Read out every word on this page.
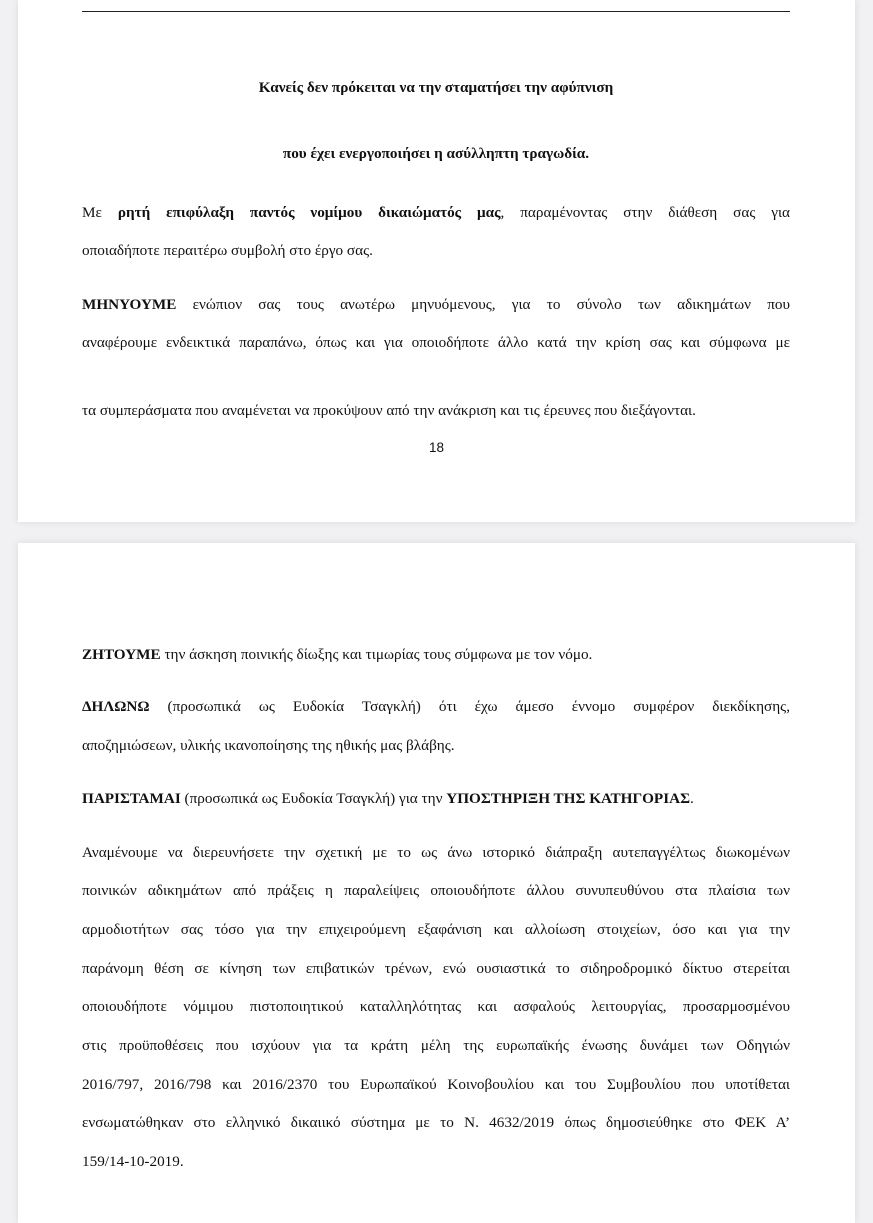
Κανείς δεν πρόκειται να την σταματήσει την αφύπνιση
που έχει ενεργοποιήσει η ασύλληπτη τραγωδία.
Με ρητή επιφύλαξη παντός νομίμου δικαιώματός μας, παραμένοντας στην διάθεση σας για
οποιαδήποτε περαιτέρω συμβολή στο έργο σας.
ΜΗΝΥΟΥΜΕ ενώπιον σας τους ανωτέρω μηνυόμενους, για το σύνολο των αδικημάτων που
αναφέρουμε ενδεικτικά παραπάνω, όπως και για οποιοδήποτε άλλο κατά την κρίση σας και σύμφωνα με
τα συμπεράσματα που αναμένεται να προκύψουν από την ανάκριση και τις έρευνες που διεξάγονται.
18
ΖΗΤΟΥΜΕ την άσκηση ποινικής δίωξης και τιμωρίας τους σύμφωνα με τον νόμο.
ΔΗΛΩΝΩ (προσωπικά ως Ευδοκία Τσαγκλή) ότι έχω άμεσο έννομο συμφέρον διεκδίκησης,
αποζημιώσεων, υλικής ικανοποίησης της ηθικής μας βλάβης.
ΠΑΡΙΣΤΑΜΑΙ (προσωπικά ως Ευδοκία Τσαγκλή) για την ΥΠΟΣΤΗΡΙΞΗ ΤΗΣ ΚΑΤΗΓΟΡΙΑΣ.
Αναμένουμε να διερευνήσετε την σχετική με το ως άνω ιστορικό διάπραξη αυτεπαγγέλτως διωκομένων
ποινικών αδικημάτων από πράξεις η παραλείψεις οποιουδήποτε άλλου συνυπευθύνου στα πλαίσια των
αρμοδιοτήτων σας τόσο για την επιχειρούμενη εξαφάνιση και αλλοίωση στοιχείων, όσο και για την
παράνομη θέση σε κίνηση των επιβατικών τρένων, ενώ ουσιαστικά το σιδηροδρομικό δίκτυο στερείται
οποιουδήποτε νόμιμου πιστοποιητικού καταλληλότητας και ασφαλούς λειτουργίας, προσαρμοσμένου
στις προϋποθέσεις που ισχύουν για τα κράτη μέλη της ευρωπαϊκής ένωσης δυνάμει των Οδηγιών
2016/797, 2016/798 και 2016/2370 του Ευρωπαϊκού Κοινοβουλίου και του Συμβουλίου που υποτίθεται
ενσωματώθηκαν στο ελληνικό δικαιικό σύστημα με το Ν. 4632/2019 όπως δημοσιεύθηκε στο ΦΕΚ Α’
159/14-10-2019.
